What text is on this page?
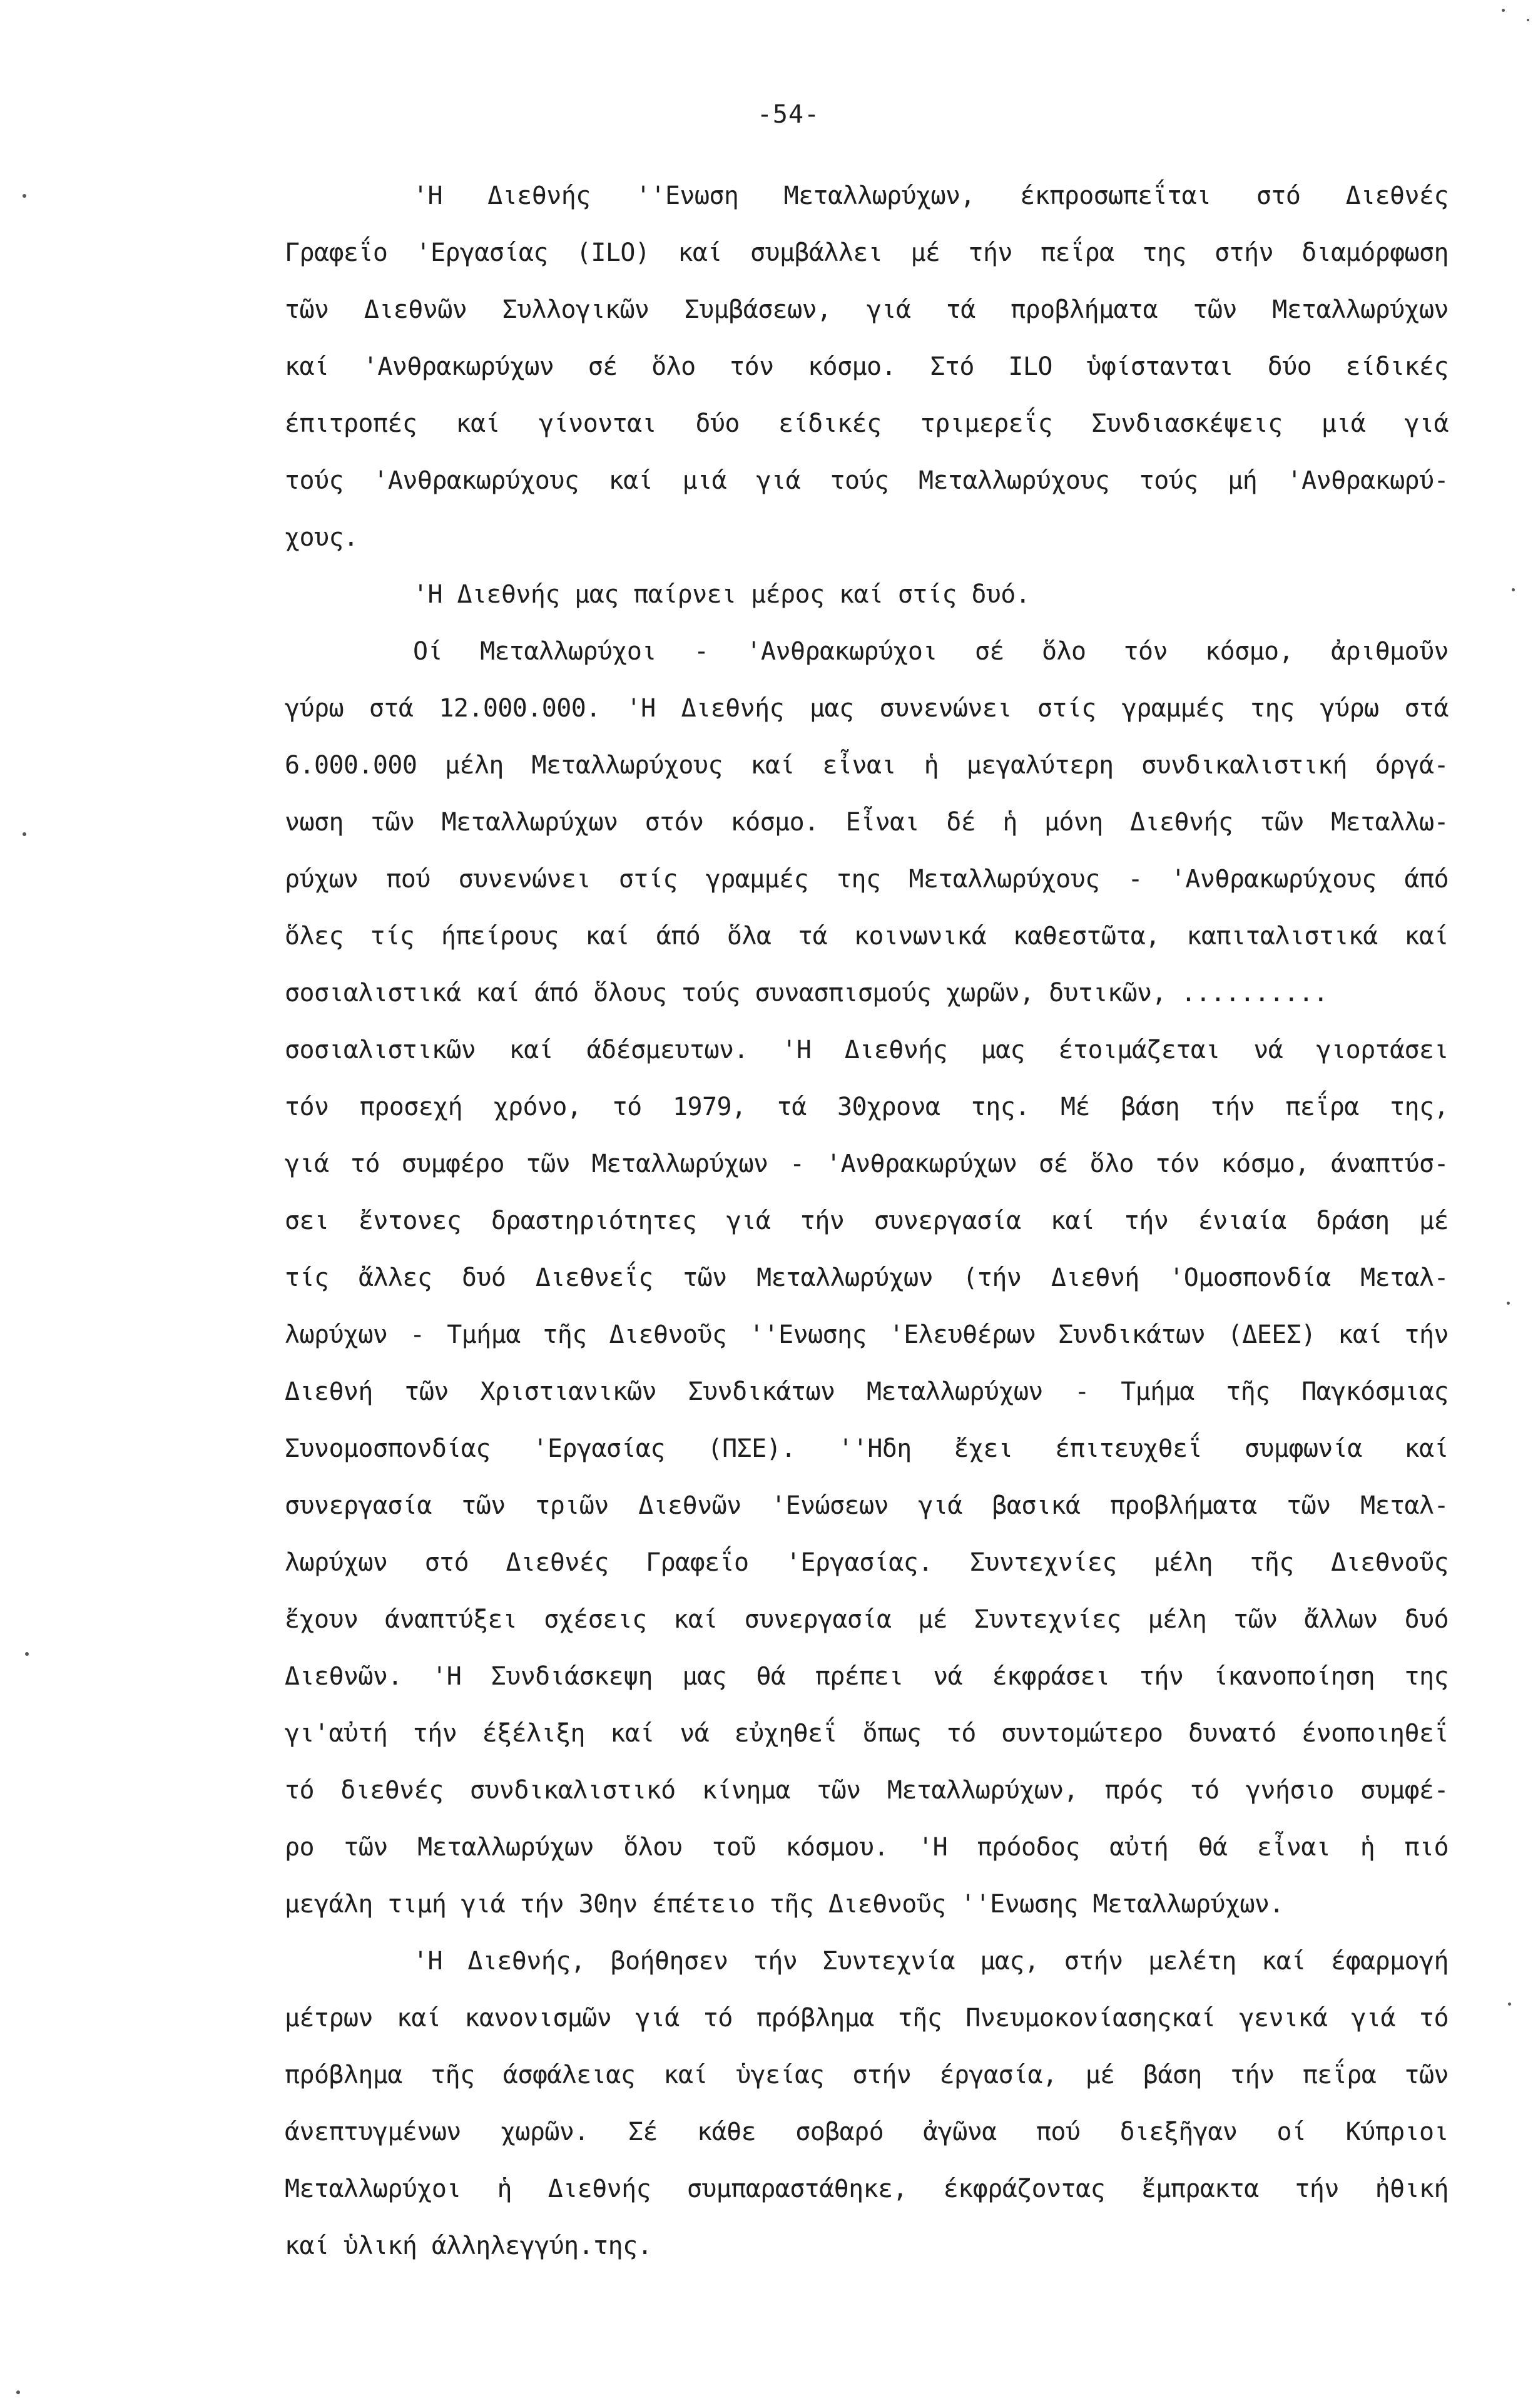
-54-
'Η Διεθνής ''Ενωση Μεταλλωρύχων, έκπροσωπεΐται στό Διεθνές
Γραφεΐο 'Εργασίας (ILO) καί συμβάλλει μέ τήν πεΐρα της στήν διαμόρφωση
τῶν Διεθνῶν Συλλογικῶν Συμβάσεων, γιά τά προβλήματα τῶν Μεταλλωρύχων
καί 'Ανθρακωρύχων σέ ὅλο τόν κόσμο. Στό ILO ὑφίστανται δύο είδικές
έπιτροπές καί γίνονται δύο είδικές τριμερεΐς Συνδιασκέψεις μιά γιά
τούς 'Ανθρακωρύχους καί μιά γιά τούς Μεταλλωρύχους τούς μή 'Ανθρακωρύ-
χους.
'Η Διεθνής μας παίρνει μέρος καί στίς δυό.
Οί Μεταλλωρύχοι - 'Ανθρακωρύχοι σέ ὅλο τόν κόσμο, ἀριθμοῦν
γύρω στά 12.000.000. 'Η Διεθνής μας συνενώνει στίς γραμμές της γύρω στά
6.000.000 μέλη Μεταλλωρύχους καί εἶναι ἡ μεγαλύτερη συνδικαλιστική όργά-
νωση τῶν Μεταλλωρύχων στόν κόσμο. Εἶναι δέ ἡ μόνη Διεθνής τῶν Μεταλλω-
ρύχων πού συνενώνει στίς γραμμές της Μεταλλωρύχους - 'Ανθρακωρύχους άπό
ὅλες τίς ήπείρους καί άπό ὅλα τά κοινωνικά καθεστῶτα, καπιταλιστικά καί
σοσιαλιστικά καί άπό ὅλους τούς συνασπισμούς χωρῶν, δυτικῶν, ..........
σοσιαλιστικῶν καί άδέσμευτων. 'Η Διεθνής μας έτοιμάζεται νά γιορτάσει
τόν προσεχή χρόνο, τό 1979, τά 30χρονα της. Μέ βάση τήν πεΐρα της,
γιά τό συμφέρο τῶν Μεταλλωρύχων - 'Ανθρακωρύχων σέ ὅλο τόν κόσμο, άναπτύσ-
σει ἔντονες δραστηριότητες γιά τήν συνεργασία καί τήν ένιαία δράση μέ
τίς ἄλλες δυό Διεθνεΐς τῶν Μεταλλωρύχων (τήν Διεθνή 'Ομοσπονδία Μεταλ-
λωρύχων - Τμήμα τῆς Διεθνοῦς ''Ενωσης 'Ελευθέρων Συνδικάτων (ΔΕΕΣ) καί τήν
Διεθνή τῶν Χριστιανικῶν Συνδικάτων Μεταλλωρύχων - Τμήμα τῆς Παγκόσμιας
Συνομοσπονδίας 'Εργασίας (ΠΣΕ). ''Ηδη ἔχει έπιτευχθεΐ συμφωνία καί
συνεργασία τῶν τριῶν Διεθνῶν 'Ενώσεων γιά βασικά προβλήματα τῶν Μεταλ-
λωρύχων στό Διεθνές Γραφεΐο 'Εργασίας. Συντεχνίες μέλη τῆς Διεθνοῦς
ἔχουν άναπτύξει σχέσεις καί συνεργασία μέ Συντεχνίες μέλη τῶν ἄλλων δυό
Διεθνῶν. 'Η Συνδιάσκεψη μας θά πρέπει νά έκφράσει τήν ίκανοποίηση της
γι'αὐτή τήν έξέλιξη καί νά εὐχηθεΐ ὅπως τό συντομώτερο δυνατό ένοποιηθεΐ
τό διεθνές συνδικαλιστικό κίνημα τῶν Μεταλλωρύχων, πρός τό γνήσιο συμφέ-
ρο τῶν Μεταλλωρύχων ὅλου τοῦ κόσμου. 'Η πρόοδος αὐτή θά εἶναι ἡ πιό
μεγάλη τιμή γιά τήν 30ην έπέτειο τῆς Διεθνοῦς ''Ενωσης Μεταλλωρύχων.
'Η Διεθνής, βοήθησεν τήν Συντεχνία μας, στήν μελέτη καί έφαρμογή
μέτρων καί κανονισμῶν γιά τό πρόβλημα τῆς Πνευμοκονίασηςκαί γενικά γιά τό
πρόβλημα τῆς άσφάλειας καί ὑγείας στήν έργασία, μέ βάση τήν πεΐρα τῶν
άνεπτυγμένων χωρῶν. Σέ κάθε σοβαρό ἀγῶνα πού διεξῆγαν οί Κύπριοι
Μεταλλωρύχοι ἡ Διεθνής συμπαραστάθηκε, έκφράζοντας ἔμπρακτα τήν ἠθική
καί ὑλική άλληλεγγύη.της.
